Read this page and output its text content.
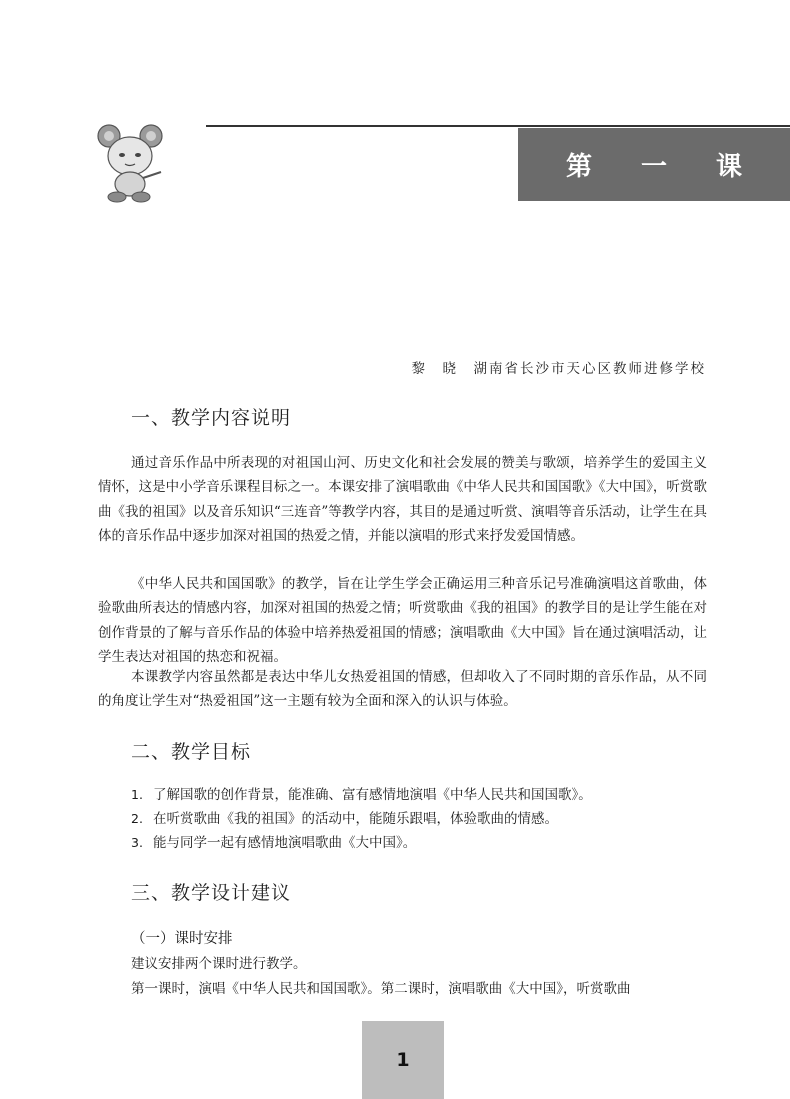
第 一 课
黎　晓　湖南省长沙市天心区教师进修学校
一、教学内容说明

通过音乐作品中所表现的对祖国山河、历史文化和社会发展的赞美与歌颂，培养学生的爱国主义情怀，这是中小学音乐课程目标之一。本课安排了演唱歌曲《中华人民共和国国歌》《大中国》，听赏歌曲《我的祖国》以及音乐知识“三连音”等教学内容，其目的是通过听赏、演唱等音乐活动，让学生在具体的音乐作品中逐步加深对祖国的热爱之情，并能以演唱的形式来抒发爱国情感。

《中华人民共和国国歌》的教学，旨在让学生学会正确运用三种音乐记号准确演唱这首歌曲，体验歌曲所表达的情感内容，加深对祖国的热爱之情；听赏歌曲《我的祖国》的教学目的是让学生能在对创作背景的了解与音乐作品的体验中培养热爱祖国的情感；演唱歌曲《大中国》旨在通过演唱活动，让学生表达对祖国的热恋和祝福。

本课教学内容虽然都是表达中华儿女热爱祖国的情感，但却收入了不同时期的音乐作品，从不同的角度让学生对“热爱祖国”这一主题有较为全面和深入的认识与体验。

二、教学目标

1. 了解国歌的创作背景，能准确、富有感情地演唱《中华人民共和国国歌》。

2. 在听赏歌曲《我的祖国》的活动中，能随乐跟唱，体验歌曲的情感。

3. 能与同学一起有感情地演唱歌曲《大中国》。

三、教学设计建议

（一）课时安排

建议安排两个课时进行教学。

第一课时，演唱《中华人民共和国国歌》。第二课时，演唱歌曲《大中国》，听赏歌曲

1
